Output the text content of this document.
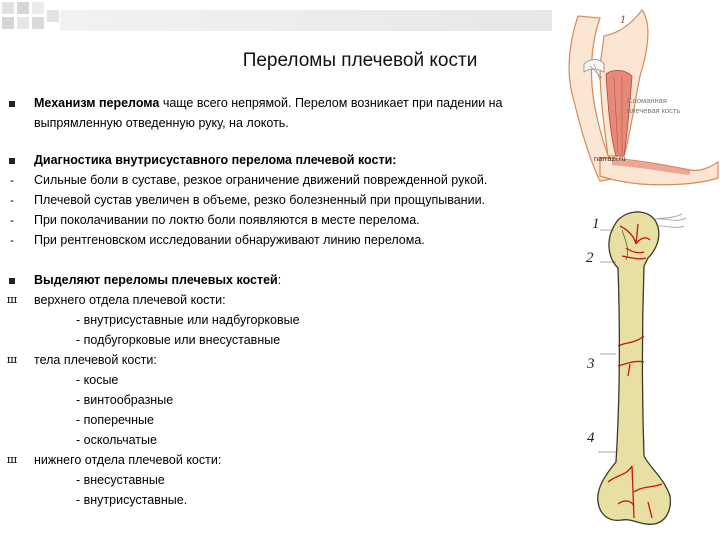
Переломы плечевой кости
Механизм перелома чаще всего непрямой. Перелом возникает при падении на
выпрямленную отведенную руку, на локоть.
Диагностика внутрисуставного перелома плечевой кости:
-	Сильные боли в суставе, резкое ограничение движений поврежденной рукой.
-	Плечевой сустав увеличен в объеме, резко болезненный при прощупывании.
-	При поколачивании по локтю боли появляются в месте перелома.
-	При рентгеновском исследовании обнаруживают линию перелома.
Выделяют переломы плечевых костей:
ш верхнего отдела плечевой кости:
- внутрисуставные или надбугорковые
- подбугорковые или внесуставные
ш тела плечевой кости:
- косые
- винтообразные
- поперечные
- оскольчатые
ш нижнего отдела плечевой кости:
- внесуставные
- внутрисуставные.
1
Сломанная
плечевая кость
narrazi.ru
1
2
3
4
